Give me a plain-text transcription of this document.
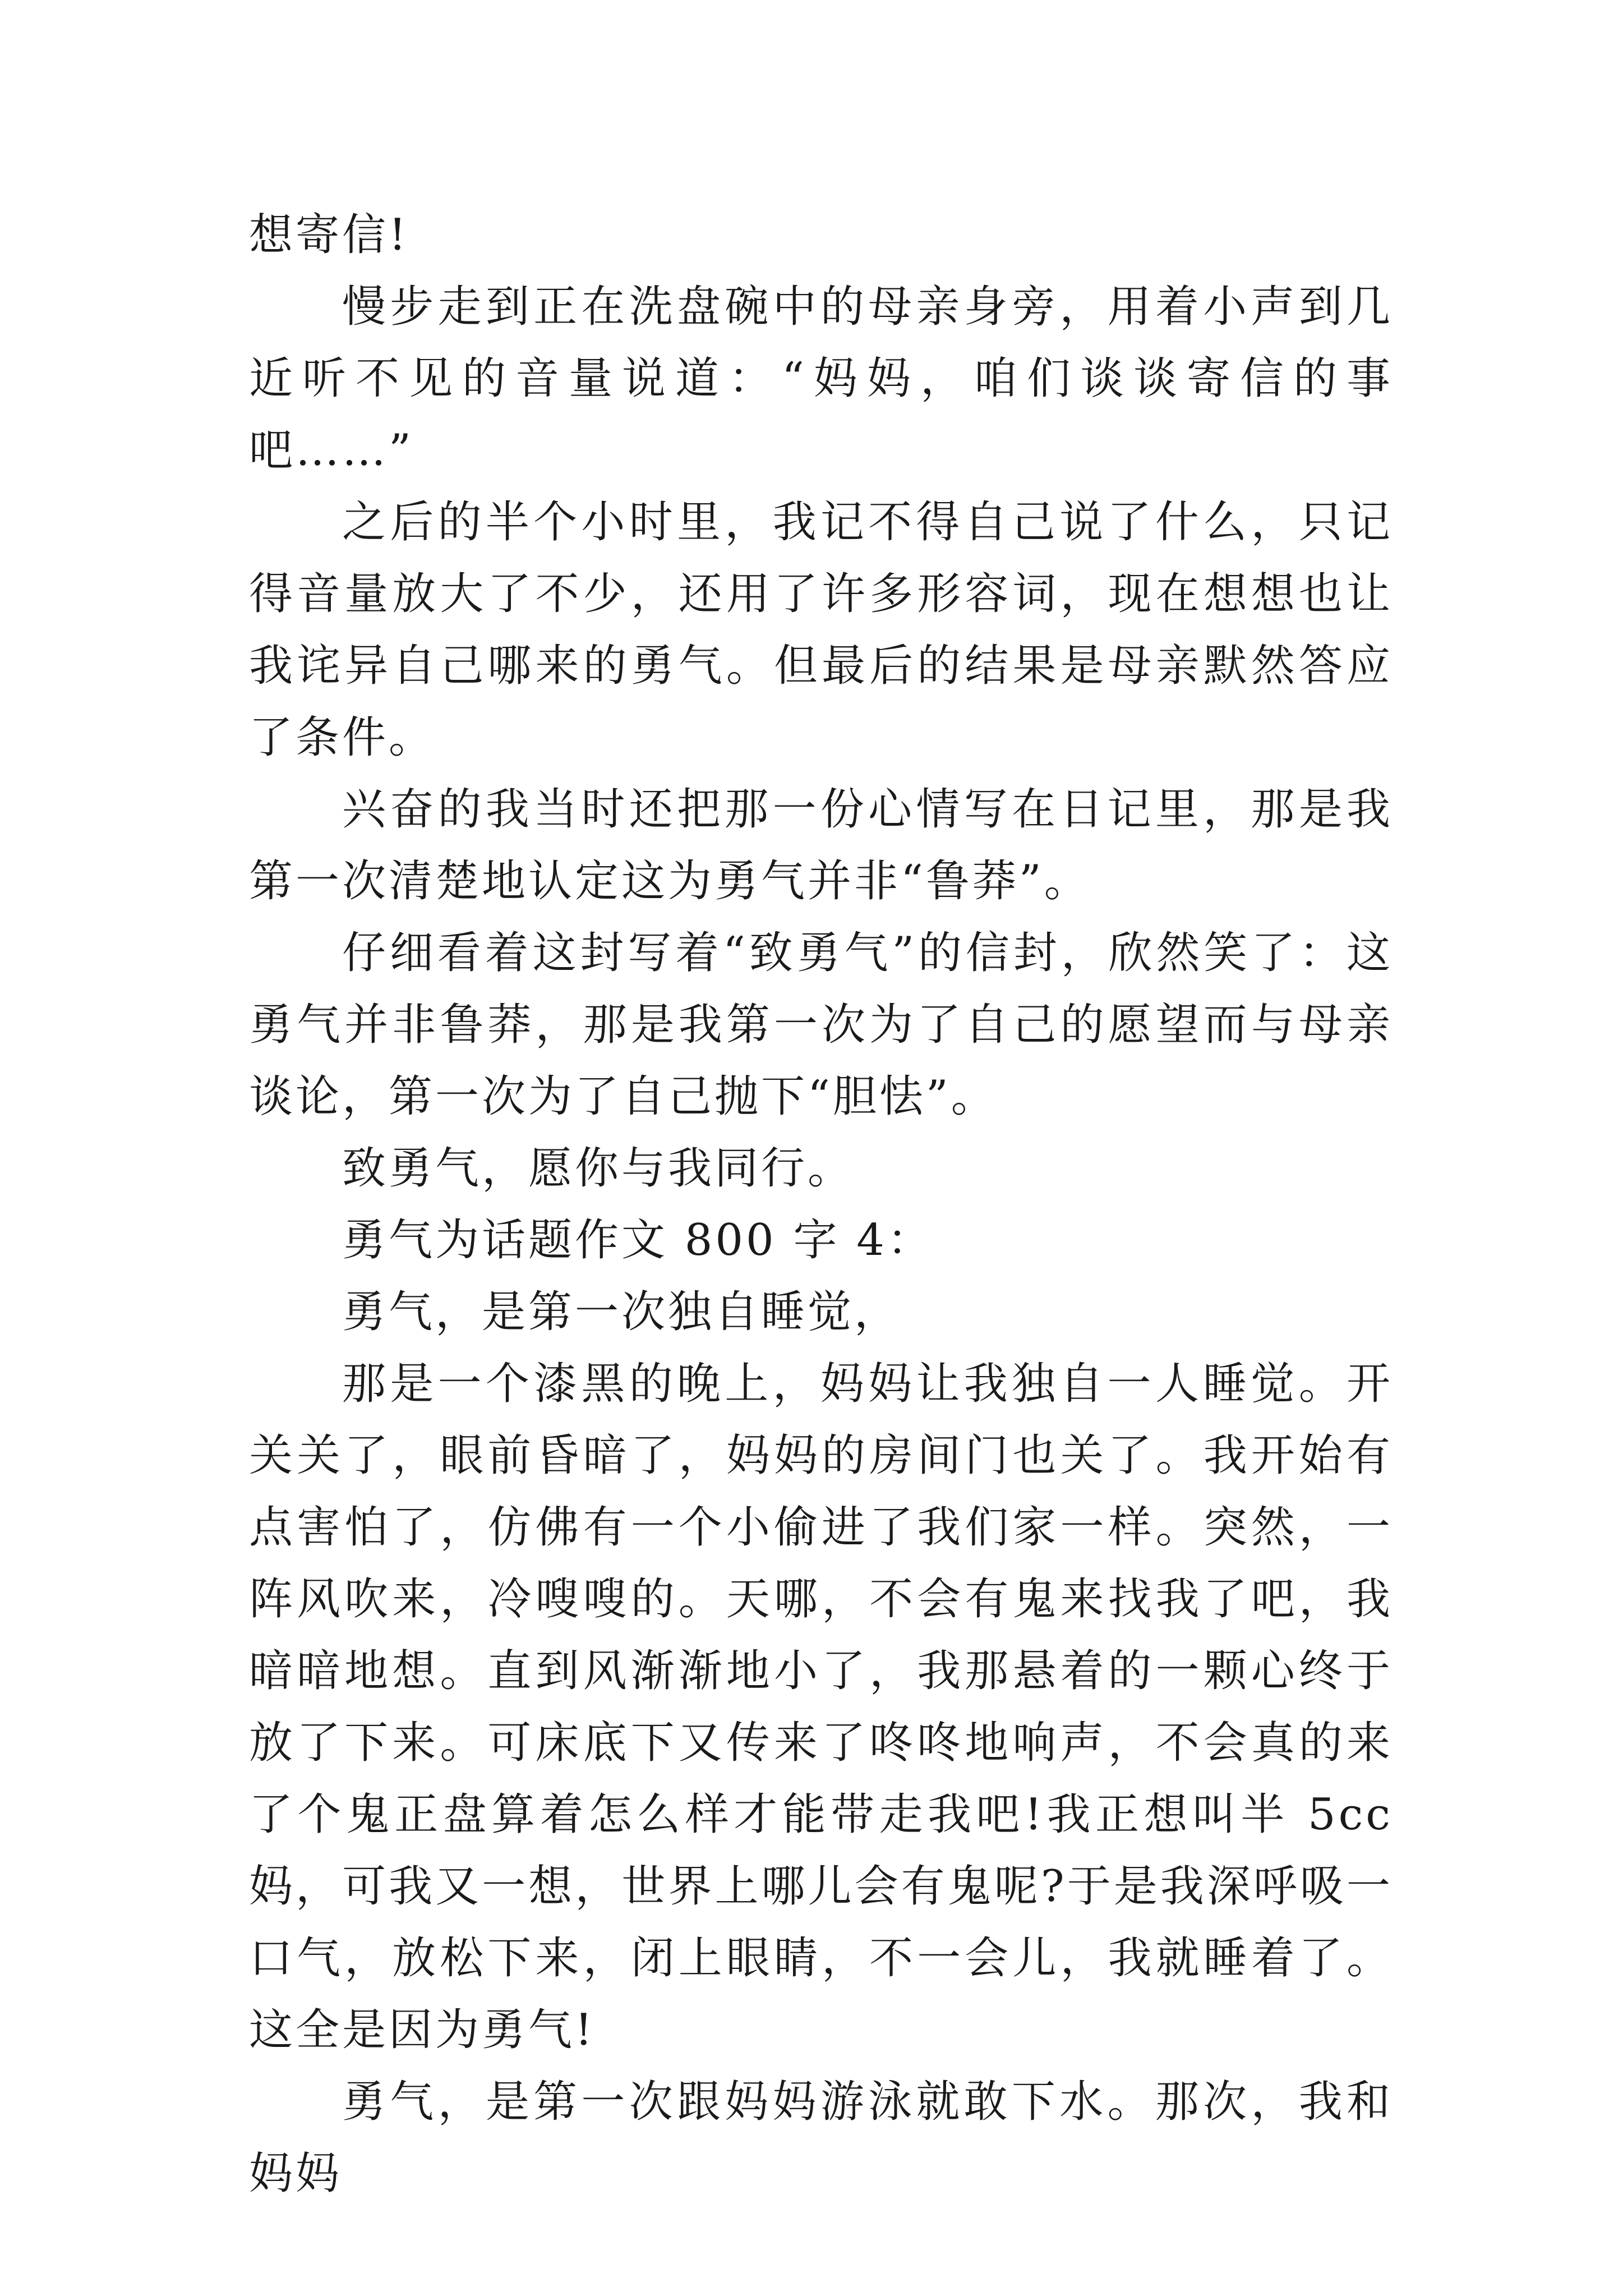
想寄信!

慢步走到正在洗盘碗中的母亲身旁，用着小声到几近听不见的音量说道：“妈妈，咱们谈谈寄信的事吧……”

之后的半个小时里，我记不得自己说了什么，只记得音量放大了不少，还用了许多形容词，现在想想也让我诧异自己哪来的勇气。但最后的结果是母亲默然答应了条件。

兴奋的我当时还把那一份心情写在日记里，那是我第一次清楚地认定这为勇气并非“鲁莽”。

仔细看着这封写着“致勇气”的信封，欣然笑了：这勇气并非鲁莽，那是我第一次为了自己的愿望而与母亲谈论，第一次为了自己抛下“胆怯”。

致勇气，愿你与我同行。

勇气为话题作文 800 字 4：

勇气，是第一次独自睡觉，

那是一个漆黑的晚上，妈妈让我独自一人睡觉。开关关了，眼前昏暗了，妈妈的房间门也关了。我开始有点害怕了，仿佛有一个小偷进了我们家一样。突然，一阵风吹来，冷嗖嗖的。天哪，不会有鬼来找我了吧，我暗暗地想。直到风渐渐地小了，我那悬着的一颗心终于放了下来。可床底下又传来了咚咚地响声，不会真的来了个鬼正盘算着怎么样才能带走我吧!我正想叫半 5cc 妈，可我又一想，世界上哪儿会有鬼呢?于是我深呼吸一口气，放松下来，闭上眼睛，不一会儿，我就睡着了。这全是因为勇气!

勇气，是第一次跟妈妈游泳就敢下水。那次，我和妈妈
